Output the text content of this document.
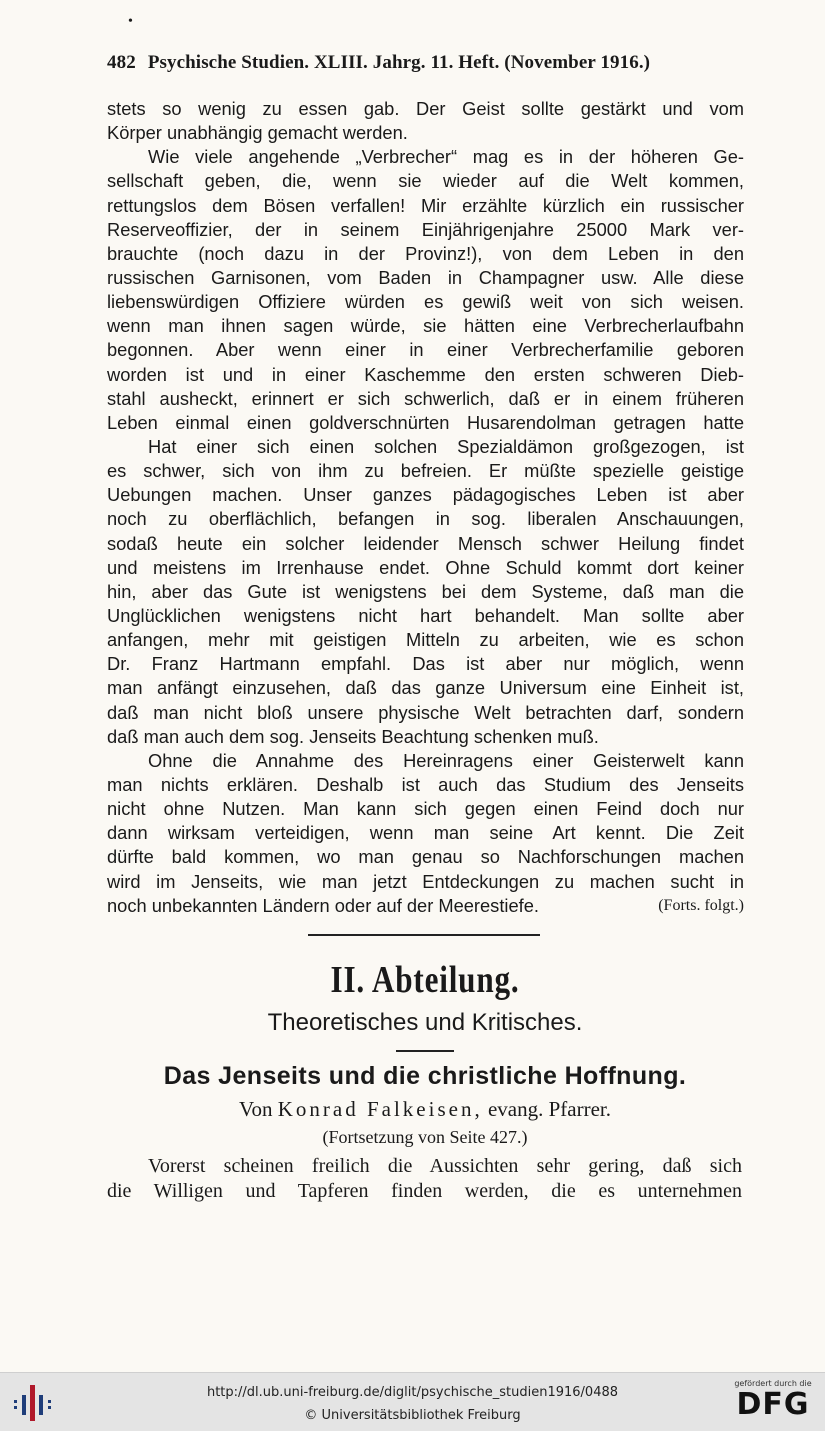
•
482 Psychische Studien. XLIII. Jahrg. 11. Heft. (November 1916.)
stets so wenig zu essen gab. Der Geist sollte gestärkt und vom
Körper unabhängig gemacht werden.
Wie viele angehende „Verbrecher“ mag es in der höheren Ge-
sellschaft geben, die, wenn sie wieder auf die Welt kommen,
rettungslos dem Bösen verfallen! Mir erzählte kürzlich ein russischer
Reserveoffizier, der in seinem Einjährigenjahre 25000 Mark ver-
brauchte (noch dazu in der Provinz!), von dem Leben in den
russischen Garnisonen, vom Baden in Champagner usw. Alle diese
liebenswürdigen Offiziere würden es gewiß weit von sich weisen.
wenn man ihnen sagen würde, sie hätten eine Verbrecherlaufbahn
begonnen. Aber wenn einer in einer Verbrecherfamilie geboren
worden ist und in einer Kaschemme den ersten schweren Dieb-
stahl ausheckt, erinnert er sich schwerlich, daß er in einem früheren
Leben einmal einen goldverschnürten Husarendolman getragen hatte
Hat einer sich einen solchen Spezialdämon großgezogen, ist
es schwer, sich von ihm zu befreien. Er müßte spezielle geistige
Uebungen machen. Unser ganzes pädagogisches Leben ist aber
noch zu oberflächlich, befangen in sog. liberalen Anschauungen,
sodaß heute ein solcher leidender Mensch schwer Heilung findet
und meistens im Irrenhause endet. Ohne Schuld kommt dort keiner
hin, aber das Gute ist wenigstens bei dem Systeme, daß man die
Unglücklichen wenigstens nicht hart behandelt. Man sollte aber
anfangen, mehr mit geistigen Mitteln zu arbeiten, wie es schon
Dr. Franz Hartmann empfahl. Das ist aber nur möglich, wenn
man anfängt einzusehen, daß das ganze Universum eine Einheit ist,
daß man nicht bloß unsere physische Welt betrachten darf, sondern
daß man auch dem sog. Jenseits Beachtung schenken muß.
Ohne die Annahme des Hereinragens einer Geisterwelt kann
man nichts erklären. Deshalb ist auch das Studium des Jenseits
nicht ohne Nutzen. Man kann sich gegen einen Feind doch nur
dann wirksam verteidigen, wenn man seine Art kennt. Die Zeit
dürfte bald kommen, wo man genau so Nachforschungen machen
wird im Jenseits, wie man jetzt Entdeckungen zu machen sucht in
noch unbekannten Ländern oder auf der Meerestiefe.	(Forts. folgt.)
II. Abteilung.
Theoretisches und Kritisches.
Das Jenseits und die christliche Hoffnung.
Von Konrad Falkeisen, evang. Pfarrer.
(Fortsetzung von Seite 427.)
Vorerst scheinen freilich die Aussichten sehr gering, daß sich
die Willigen und Tapferen finden werden, die es unternehmen
http://dl.ub.uni-freiburg.de/diglit/psychische_studien1916/0488
© Universitätsbibliothek Freiburg
gefördert durch die
DFG
